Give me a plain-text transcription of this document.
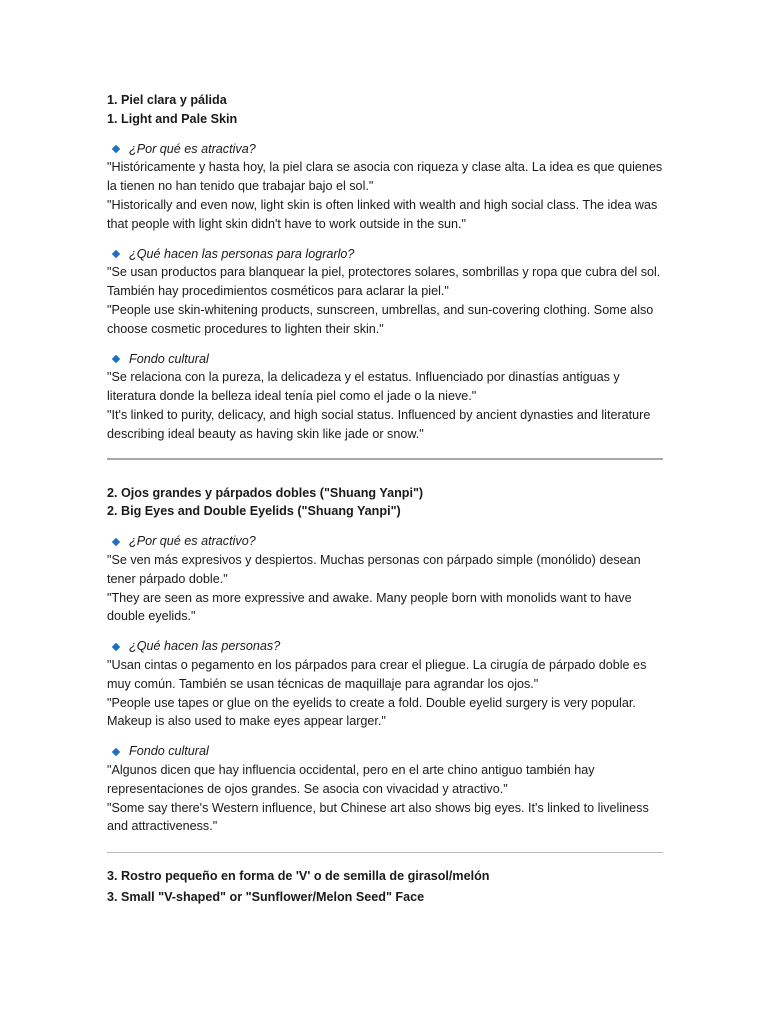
1. Piel clara y pálida

1. Light and Pale Skin

¿Por qué es atractiva?

"Históricamente y hasta hoy, la piel clara se asocia con riqueza y clase alta. La idea es que quienes la tienen no han tenido que trabajar bajo el sol."

"Historically and even now, light skin is often linked with wealth and high social class. The idea was that people with light skin didn't have to work outside in the sun."

¿Qué hacen las personas para lograrlo?

"Se usan productos para blanquear la piel, protectores solares, sombrillas y ropa que cubra del sol. También hay procedimientos cosméticos para aclarar la piel."

"People use skin-whitening products, sunscreen, umbrellas, and sun-covering clothing. Some also choose cosmetic procedures to lighten their skin."

Fondo cultural

"Se relaciona con la pureza, la delicadeza y el estatus. Influenciado por dinastías antiguas y literatura donde la belleza ideal tenía piel como el jade o la nieve."

"It's linked to purity, delicacy, and high social status. Influenced by ancient dynasties and literature describing ideal beauty as having skin like jade or snow."

2. Ojos grandes y párpados dobles ("Shuang Yanpi")

2. Big Eyes and Double Eyelids ("Shuang Yanpi")

¿Por qué es atractivo?

"Se ven más expresivos y despiertos. Muchas personas con párpado simple (monólido) desean tener párpado doble."

"They are seen as more expressive and awake. Many people born with monolids want to have double eyelids."

¿Qué hacen las personas?

"Usan cintas o pegamento en los párpados para crear el pliegue. La cirugía de párpado doble es muy común. También se usan técnicas de maquillaje para agrandar los ojos."

"People use tapes or glue on the eyelids to create a fold. Double eyelid surgery is very popular. Makeup is also used to make eyes appear larger."

Fondo cultural

"Algunos dicen que hay influencia occidental, pero en el arte chino antiguo también hay representaciones de ojos grandes. Se asocia con vivacidad y atractivo."

"Some say there's Western influence, but Chinese art also shows big eyes. It's linked to liveliness and attractiveness."

3. Rostro pequeño en forma de 'V' o de semilla de girasol/melón

3. Small "V-shaped" or "Sunflower/Melon Seed" Face
